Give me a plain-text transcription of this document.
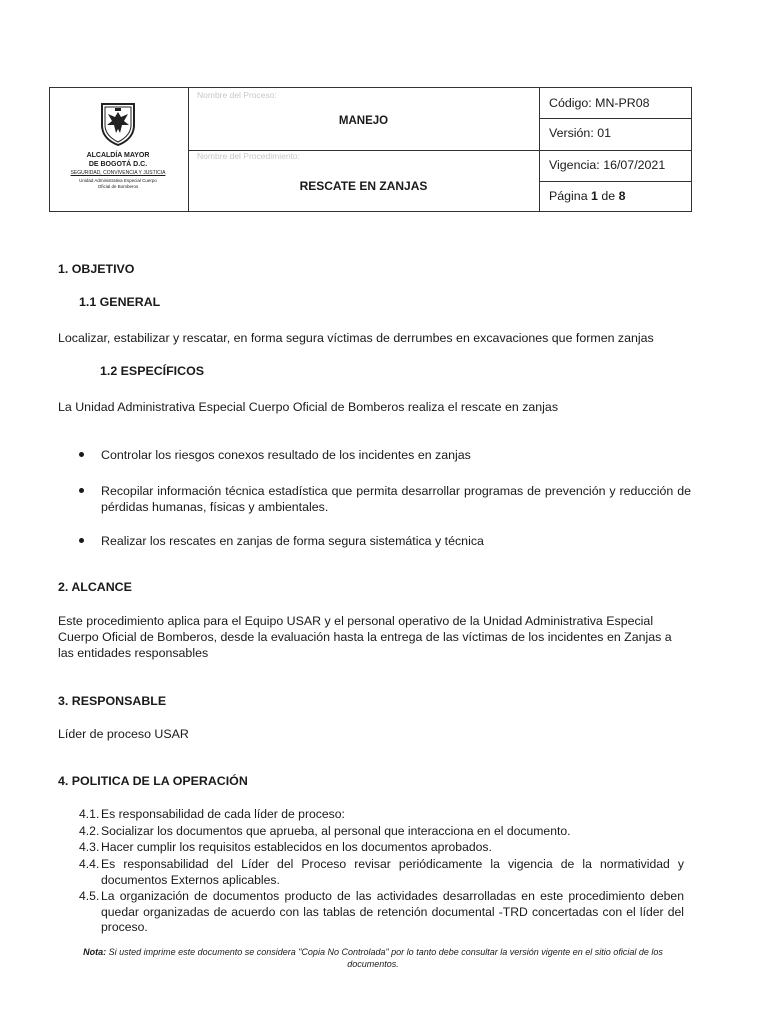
ALCALDÍA MAYOR
DE BOGOTÁ D.C.
SEGURIDAD, CONVIVENCIA Y JUSTICIA
Unidad Administrativa Especial Cuerpo
Oficial de Bomberos
Nombre del Proceso:
MANEJO
Nombre del Procedimiento:
RESCATE EN ZANJAS
Código: MN-PR08
Versión: 01
Vigencia: 16/07/2021
Página 1 de 8
1. OBJETIVO
1.1 GENERAL
Localizar, estabilizar y rescatar, en forma segura víctimas de derrumbes en excavaciones que formen zanjas
1.2 ESPECÍFICOS
La Unidad Administrativa Especial Cuerpo Oficial de Bomberos realiza el rescate en zanjas
Controlar los riesgos conexos resultado de los incidentes en zanjas
Recopilar información técnica estadística que permita desarrollar programas de prevención y reducción de pérdidas humanas, físicas y ambientales.
Realizar los rescates en zanjas de forma segura sistemática y técnica
2. ALCANCE
Este procedimiento aplica para el Equipo USAR y el personal operativo de la Unidad Administrativa Especial Cuerpo Oficial de Bomberos, desde la evaluación hasta la entrega de las víctimas de los incidentes en Zanjas a las entidades responsables
3. RESPONSABLE
Líder de proceso USAR
4. POLITICA DE LA OPERACIÓN
4.1. Es responsabilidad de cada líder de proceso:
4.2. Socializar los documentos que aprueba, al personal que interacciona en el documento.
4.3. Hacer cumplir los requisitos establecidos en los documentos aprobados.
4.4. Es responsabilidad del Líder del Proceso revisar periódicamente la vigencia de la normatividad y documentos Externos aplicables.
4.5. La organización de documentos producto de las actividades desarrolladas en este procedimiento deben quedar organizadas de acuerdo con las tablas de retención documental -TRD concertadas con el líder del proceso.
Nota: Si usted imprime este documento se considera "Copia No Controlada" por lo tanto debe consultar la versión vigente en el sitio oficial de los documentos.
